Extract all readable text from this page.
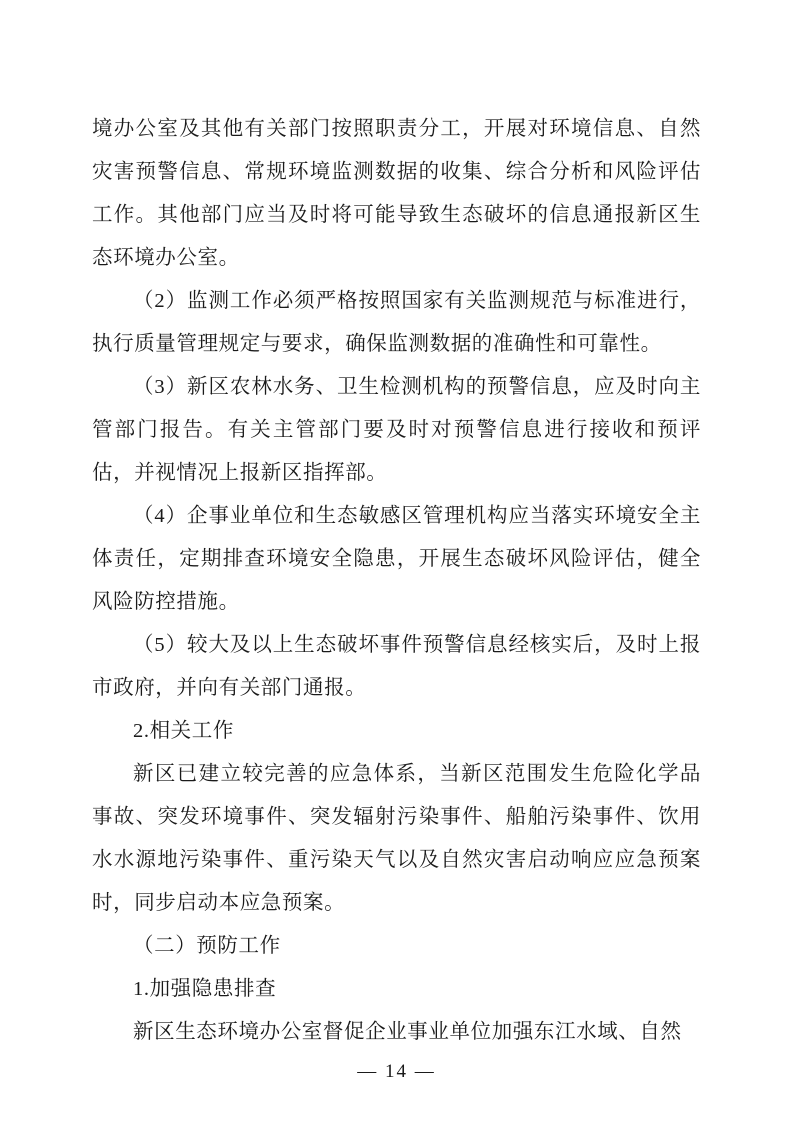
境办公室及其他有关部门按照职责分工，开展对环境信息、自然灾害预警信息、常规环境监测数据的收集、综合分析和风险评估工作。其他部门应当及时将可能导致生态破坏的信息通报新区生态环境办公室。

（2）监测工作必须严格按照国家有关监测规范与标准进行，执行质量管理规定与要求，确保监测数据的准确性和可靠性。

（3）新区农林水务、卫生检测机构的预警信息，应及时向主管部门报告。有关主管部门要及时对预警信息进行接收和预评估，并视情况上报新区指挥部。

（4）企事业单位和生态敏感区管理机构应当落实环境安全主体责任，定期排查环境安全隐患，开展生态破坏风险评估，健全风险防控措施。

（5）较大及以上生态破坏事件预警信息经核实后，及时上报市政府，并向有关部门通报。

2.相关工作

新区已建立较完善的应急体系，当新区范围发生危险化学品事故、突发环境事件、突发辐射污染事件、船舶污染事件、饮用水水源地污染事件、重污染天气以及自然灾害启动响应应急预案时，同步启动本应急预案。

（二）预防工作

1.加强隐患排查

新区生态环境办公室督促企业事业单位加强东江水域、自然

— 14 —
